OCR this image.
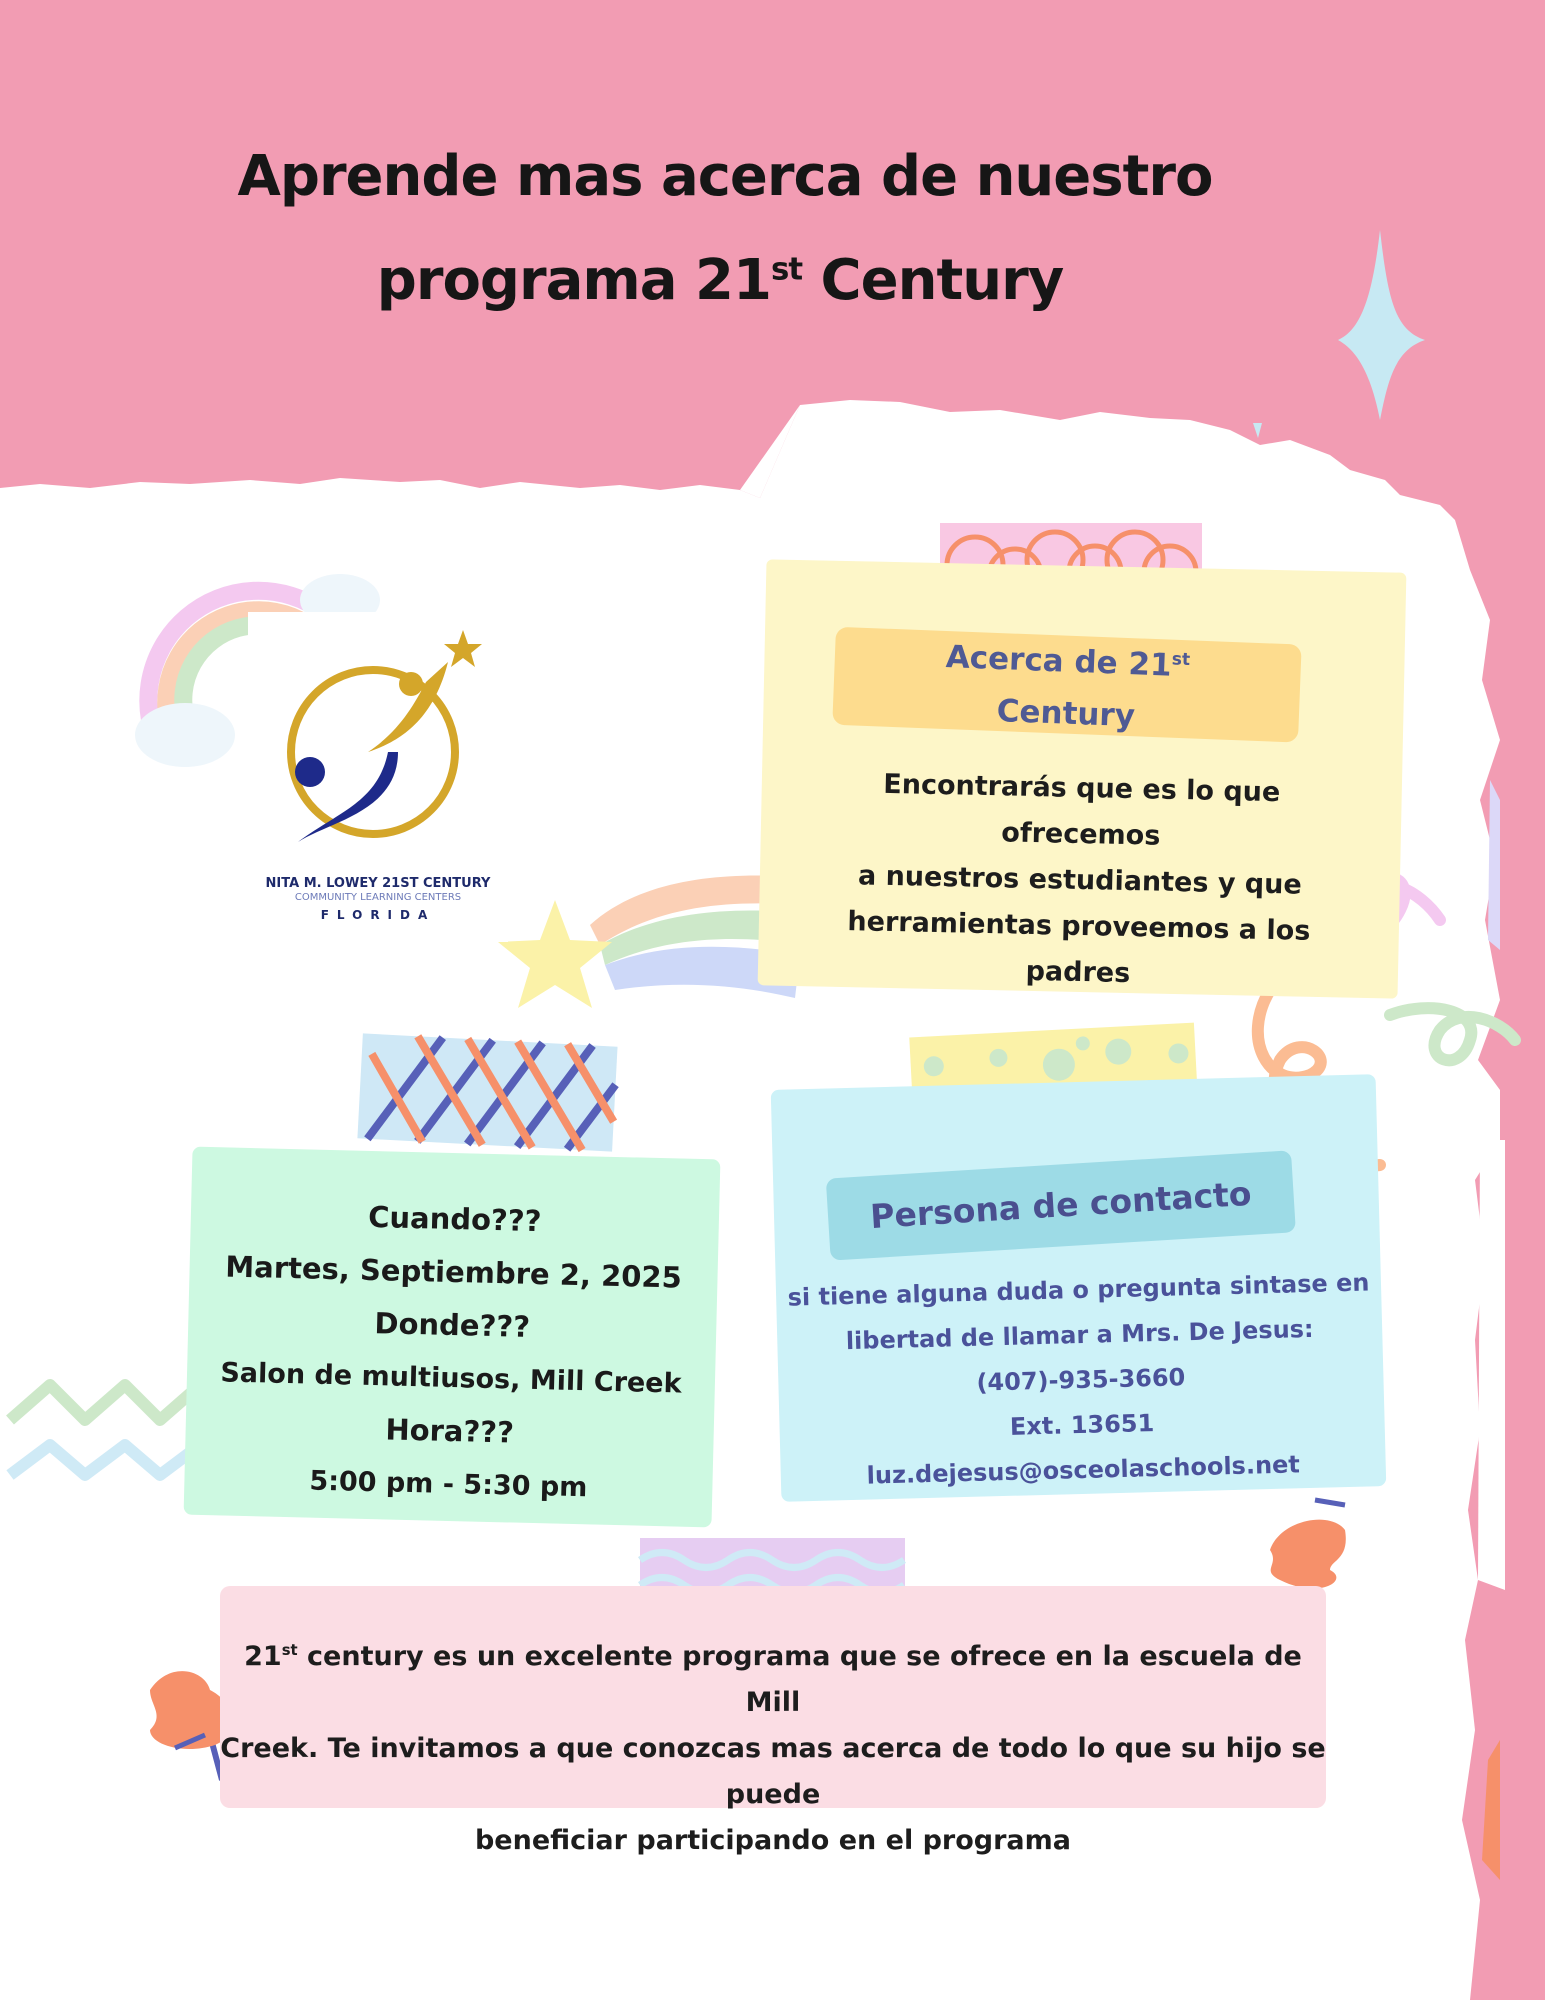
Aprende mas acerca de nuestro
programa 21st Century
NITA M. LOWEY 21ST CENTURY
COMMUNITY LEARNING CENTERS
FLORIDA
Acerca de 21st
Century
Encontrarás que es lo que ofrecemos
a nuestros estudiantes y que
herramientas proveemos a los
padres
Cuando???
Martes, Septiembre 2, 2025
Donde???
Salon de multiusos, Mill Creek
Hora???
5:00 pm - 5:30 pm
Persona de contacto
si tiene alguna duda o pregunta sintase en
libertad de llamar a Mrs. De Jesus:
(407)-935-3660
Ext. 13651
luz.dejesus@osceolaschools.net
21st century es un excelente programa que se ofrece en la escuela de Mill
Creek. Te invitamos a que conozcas mas acerca de todo lo que su hijo se puede
beneficiar participando en el programa
